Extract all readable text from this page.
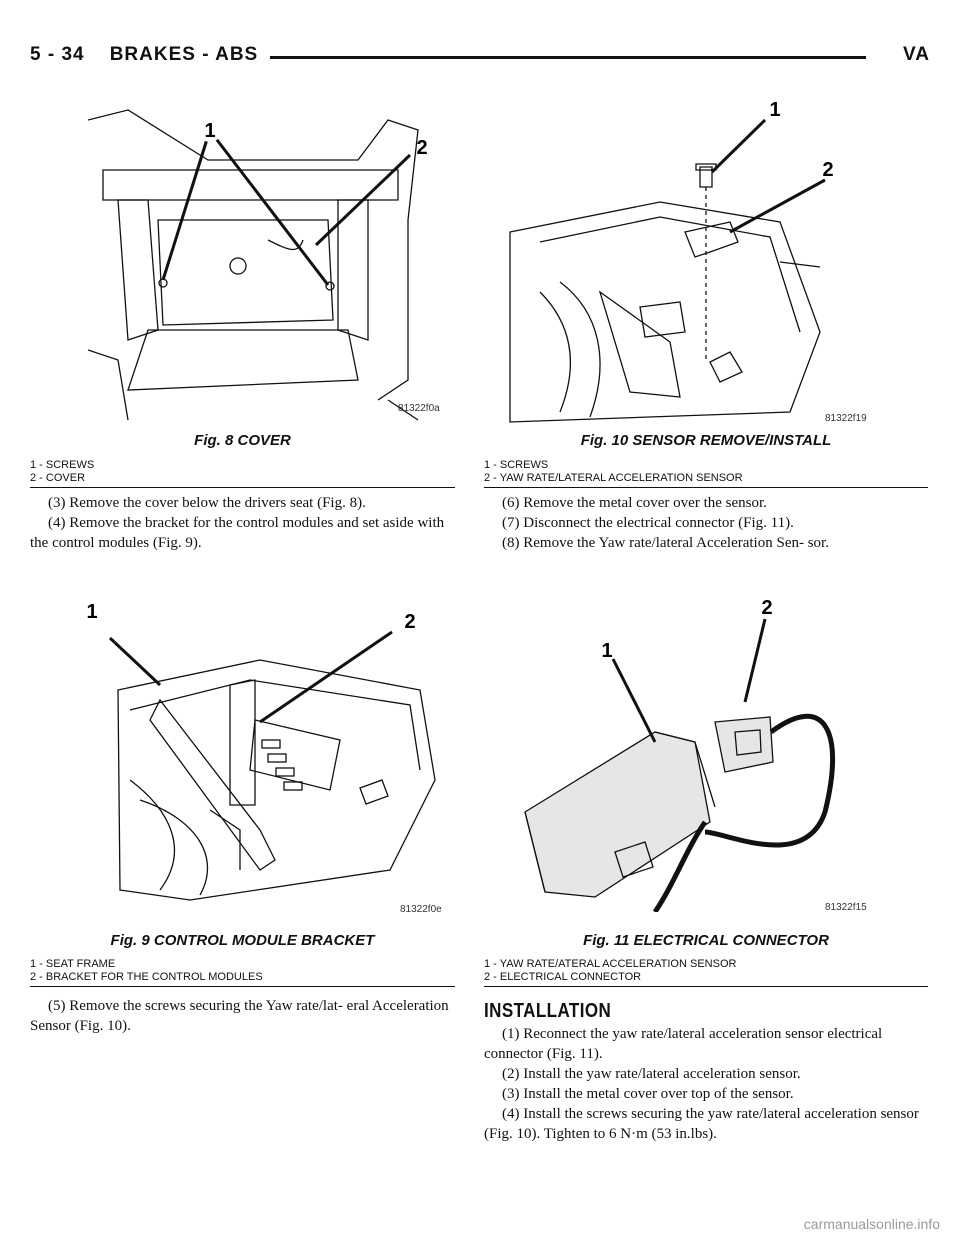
5 - 34    BRAKES - ABS	VA
1
2
81322f0a
Fig. 8 COVER
1 - SCREWS
2 - COVER

(3) Remove the cover below the drivers seat (Fig. 8).

(4) Remove the bracket for the control modules and set aside with the control modules (Fig. 9).

1	2
81322f0e
Fig. 9 CONTROL MODULE BRACKET
1 - SEAT FRAME
2 - BRACKET FOR THE CONTROL MODULES

(5) Remove the screws securing the Yaw rate/lat- eral Acceleration Sensor (Fig. 10).

1
2
81322f19
Fig. 10 SENSOR REMOVE/INSTALL
1 - SCREWS
2 - YAW RATE/LATERAL ACCELERATION SENSOR

(6) Remove the metal cover over the sensor.

(7) Disconnect the electrical connector (Fig. 11).

(8) Remove the Yaw rate/lateral Acceleration Sen- sor.

1
2
81322f15
Fig. 11 ELECTRICAL CONNECTOR
1 - YAW RATE/ATERAL ACCELERATION SENSOR
2 - ELECTRICAL CONNECTOR
INSTALLATION

(1) Reconnect the yaw rate/lateral acceleration sensor electrical connector (Fig. 11).

(2) Install the yaw rate/lateral acceleration sensor.

(3) Install the metal cover over top of the sensor.

(4) Install the screws securing the yaw rate/lateral acceleration sensor (Fig. 10). Tighten to 6 N·m (53 in.lbs).

carmanualsonline.info
